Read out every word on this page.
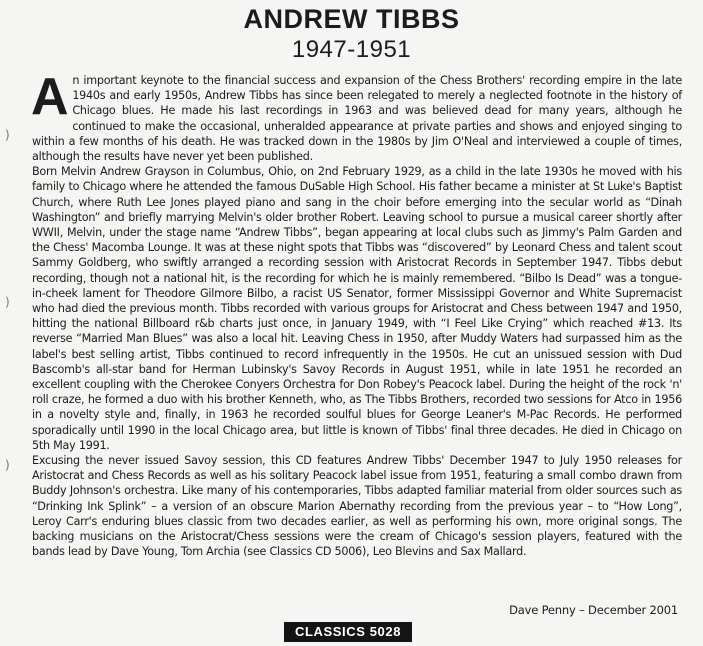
ANDREW TIBBS
1947-1951
)
)
)

An important keynote to the financial success and expansion of the Chess Brothers' recording empire in the late 1940s and early 1950s, Andrew Tibbs has since been relegated to merely a neglected footnote in the history of Chicago blues. He made his last recordings in 1963 and was believed dead for many years, although he continued to make the occasional, unheralded appearance at private parties and shows and enjoyed singing to within a few months of his death. He was tracked down in the 1980s by Jim O'Neal and interviewed a couple of times, although the results have never yet been published.

Born Melvin Andrew Grayson in Columbus, Ohio, on 2nd February 1929, as a child in the late 1930s he moved with his family to Chicago where he attended the famous DuSable High School. His father became a minister at St Luke's Baptist Church, where Ruth Lee Jones played piano and sang in the choir before emerging into the secular world as “Dinah Washington” and briefly marrying Melvin's older brother Robert. Leaving school to pursue a musical career shortly after WWII, Melvin, under the stage name “Andrew Tibbs”, began appearing at local clubs such as Jimmy's Palm Garden and the Chess' Macomba Lounge. It was at these night spots that Tibbs was “discovered” by Leonard Chess and talent scout Sammy Goldberg, who swiftly arranged a recording session with Aristocrat Records in September 1947. Tibbs debut recording, though not a national hit, is the recording for which he is mainly remembered. “Bilbo Is Dead” was a tongue-in-cheek lament for Theodore Gilmore Bilbo, a racist US Senator, former Mississippi Governor and White Supremacist who had died the previous month. Tibbs recorded with various groups for Aristocrat and Chess between 1947 and 1950, hitting the national Billboard r&b charts just once, in January 1949, with “I Feel Like Crying” which reached #13. Its reverse “Married Man Blues” was also a local hit. Leaving Chess in 1950, after Muddy Waters had surpassed him as the label's best selling artist, Tibbs continued to record infrequently in the 1950s. He cut an unissued session with Dud Bascomb's all-star band for Herman Lubinsky's Savoy Records in August 1951, while in late 1951 he recorded an excellent coupling with the Cherokee Conyers Orchestra for Don Robey's Peacock label. During the height of the rock 'n' roll craze, he formed a duo with his brother Kenneth, who, as The Tibbs Brothers, recorded two sessions for Atco in 1956 in a novelty style and, finally, in 1963 he recorded soulful blues for George Leaner's M-Pac Records. He performed sporadically until 1990 in the local Chicago area, but little is known of Tibbs' final three decades. He died in Chicago on 5th May 1991.

Excusing the never issued Savoy session, this CD features Andrew Tibbs' December 1947 to July 1950 releases for Aristocrat and Chess Records as well as his solitary Peacock label issue from 1951, featuring a small combo drawn from Buddy Johnson's orchestra. Like many of his contemporaries, Tibbs adapted familiar material from older sources such as “Drinking Ink Splink” – a version of an obscure Marion Abernathy recording from the previous year – to “How Long”, Leroy Carr's enduring blues classic from two decades earlier, as well as performing his own, more original songs. The backing musicians on the Aristocrat/Chess sessions were the cream of Chicago's session players, featured with the bands lead by Dave Young, Tom Archia (see Classics CD 5006), Leo Blevins and Sax Mallard.

Dave Penny – December 2001
CLASSICS 5028
